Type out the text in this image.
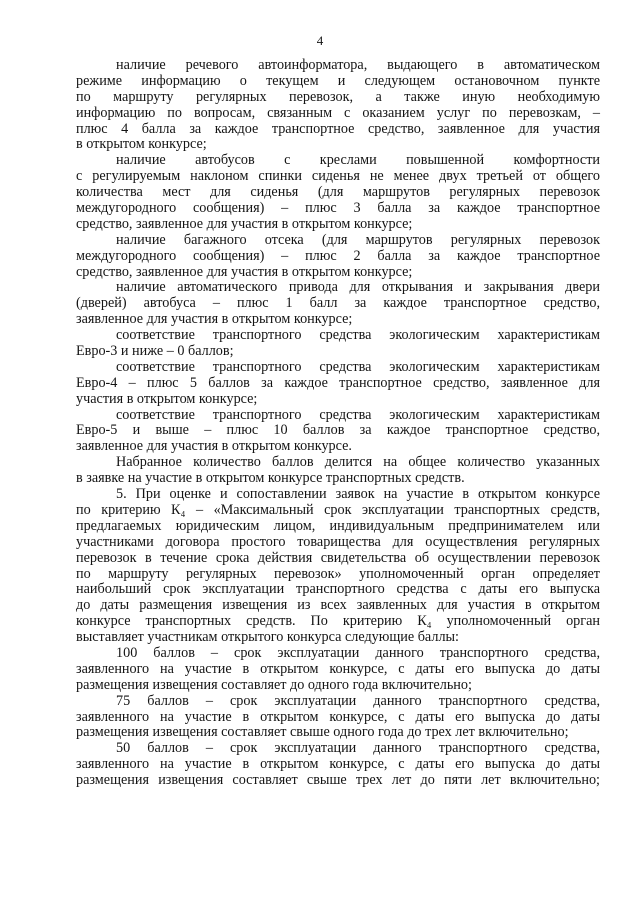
4
наличие речевого автоинформатора, выдающего в автоматическом
режиме информацию о текущем и следующем остановочном пункте
по маршруту регулярных перевозок, а также иную необходимую
информацию по вопросам, связанным с оказанием услуг по перевозкам, –
плюс 4 балла за каждое транспортное средство, заявленное для участия
в открытом конкурсе;
наличие автобусов с креслами повышенной комфортности
с регулируемым наклоном спинки сиденья не менее двух третьей от общего
количества мест для сиденья (для маршрутов регулярных перевозок
междугородного сообщения) – плюс 3 балла за каждое транспортное
средство, заявленное для участия в открытом конкурсе;
наличие багажного отсека (для маршрутов регулярных перевозок
междугородного сообщения) – плюс 2 балла за каждое транспортное
средство, заявленное для участия в открытом конкурсе;
наличие автоматического привода для открывания и закрывания двери
(дверей) автобуса – плюс 1 балл за каждое транспортное средство,
заявленное для участия в открытом конкурсе;
соответствие транспортного средства экологическим характеристикам
Евро-3 и ниже – 0 баллов;
соответствие транспортного средства экологическим характеристикам
Евро-4 – плюс 5 баллов за каждое транспортное средство, заявленное для
участия в открытом конкурсе;
соответствие транспортного средства экологическим характеристикам
Евро-5 и выше – плюс 10 баллов за каждое транспортное средство,
заявленное для участия в открытом конкурсе.
Набранное количество баллов делится на общее количество указанных
в заявке на участие в открытом конкурсе транспортных средств.
5. При оценке и сопоставлении заявок на участие в открытом конкурсе
по критерию К₄ – «Максимальный срок эксплуатации транспортных средств,
предлагаемых юридическим лицом, индивидуальным предпринимателем или
участниками договора простого товарищества для осуществления регулярных
перевозок в течение срока действия свидетельства об осуществлении перевозок
по маршруту регулярных перевозок» уполномоченный орган определяет
наибольший срок эксплуатации транспортного средства с даты его выпуска
до даты размещения извещения из всех заявленных для участия в открытом
конкурсе транспортных средств. По критерию К₄ уполномоченный орган
выставляет участникам открытого конкурса следующие баллы:
100 баллов – срок эксплуатации данного транспортного средства,
заявленного на участие в открытом конкурсе, с даты его выпуска до даты
размещения извещения составляет до одного года включительно;
75 баллов – срок эксплуатации данного транспортного средства,
заявленного на участие в открытом конкурсе, с даты его выпуска до даты
размещения извещения составляет свыше одного года до трех лет включительно;
50 баллов – срок эксплуатации данного транспортного средства,
заявленного на участие в открытом конкурсе, с даты его выпуска до даты
размещения извещения составляет свыше трех лет до пяти лет включительно;
